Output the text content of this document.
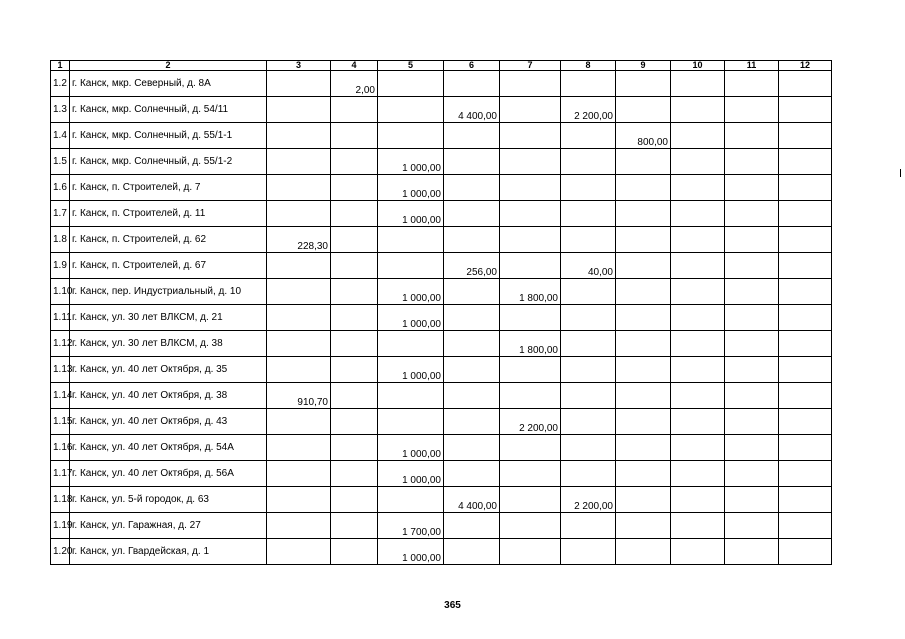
1	2	3	4	5	6	7	8	9	10	11	12
1.2	г. Канск, мкр. Северный, д. 8А		2,00								
1.3	г. Канск, мкр. Солнечный, д. 54/11				4 400,00		2 200,00				
1.4	г. Канск, мкр. Солнечный, д. 55/1-1							800,00			
1.5	г. Канск, мкр. Солнечный, д. 55/1-2			1 000,00							
1.6	г. Канск, п. Строителей, д. 7			1 000,00							
1.7	г. Канск, п. Строителей, д. 11			1 000,00							
1.8	г. Канск, п. Строителей, д. 62	228,30									
1.9	г. Канск, п. Строителей, д. 67				256,00		40,00				
1.10	г. Канск, пер. Индустриальный, д. 10			1 000,00		1 800,00					
1.11	г. Канск, ул. 30 лет ВЛКСМ, д. 21			1 000,00							
1.12	г. Канск, ул. 30 лет ВЛКСМ, д. 38					1 800,00					
1.13	г. Канск, ул. 40 лет Октября, д. 35			1 000,00							
1.14	г. Канск, ул. 40 лет Октября, д. 38	910,70									
1.15	г. Канск, ул. 40 лет Октября, д. 43					2 200,00					
1.16	г. Канск, ул. 40 лет Октября, д. 54А			1 000,00							
1.17	г. Канск, ул. 40 лет Октября, д. 56А			1 000,00							
1.18	г. Канск, ул. 5-й городок, д. 63				4 400,00		2 200,00				
1.19	г. Канск, ул. Гаражная, д. 27			1 700,00							
1.20	г. Канск, ул. Гвардейская, д. 1			1 000,00							
365
